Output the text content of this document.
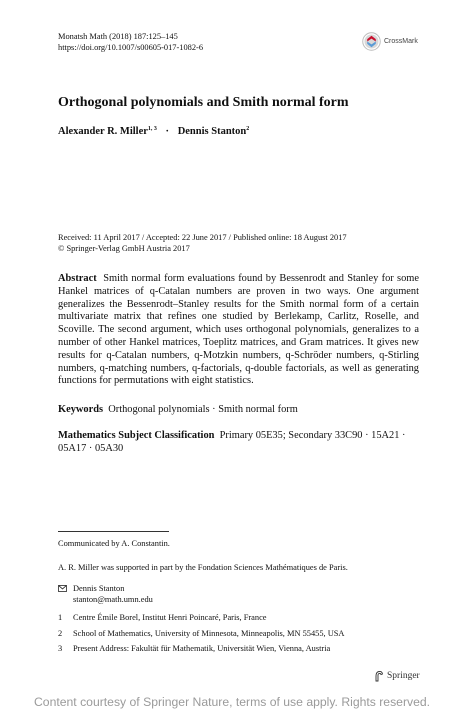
Monatsh Math (2018) 187:125–145
https://doi.org/10.1007/s00605-017-1082-6
CrossMark
Orthogonal polynomials and Smith normal form
Alexander R. Miller$^{1, 3}$ · Dennis Stanton$^2$
Received: 11 April 2017 / Accepted: 22 June 2017 / Published online: 18 August 2017
© Springer-Verlag GmbH Austria 2017

Abstract Smith normal form evaluations found by Bessenrodt and Stanley for some Hankel matrices of q-Catalan numbers are proven in two ways. One argument generalizes the Bessenrodt–Stanley results for the Smith normal form of a certain multivariate matrix that refines one studied by Berlekamp, Carlitz, Roselle, and Scoville. The second argument, which uses orthogonal polynomials, generalizes to a number of other Hankel matrices, Toeplitz matrices, and Gram matrices. It gives new results for q-Catalan numbers, q-Motzkin numbers, q-Schröder numbers, q-Stirling numbers, q-matching numbers, q-factorials, q-double factorials, as well as generating functions for permutations with eight statistics.

Keywords Orthogonal polynomials · Smith normal form
Mathematics Subject Classification Primary 05E35; Secondary 33C90 · 15A21 · 05A17 · 05A30
Communicated by A. Constantin.
A. R. Miller was supported in part by the Fondation Sciences Mathématiques de Paris.
Dennis Stanton
stanton@math.umn.edu
1	Centre Émile Borel, Institut Henri Poincaré, Paris, France
2	School of Mathematics, University of Minnesota, Minneapolis, MN 55455, USA
3	Present Address: Fakultät für Mathematik, Universität Wien, Vienna, Austria
Springer
Content courtesy of Springer Nature, terms of use apply. Rights reserved.
